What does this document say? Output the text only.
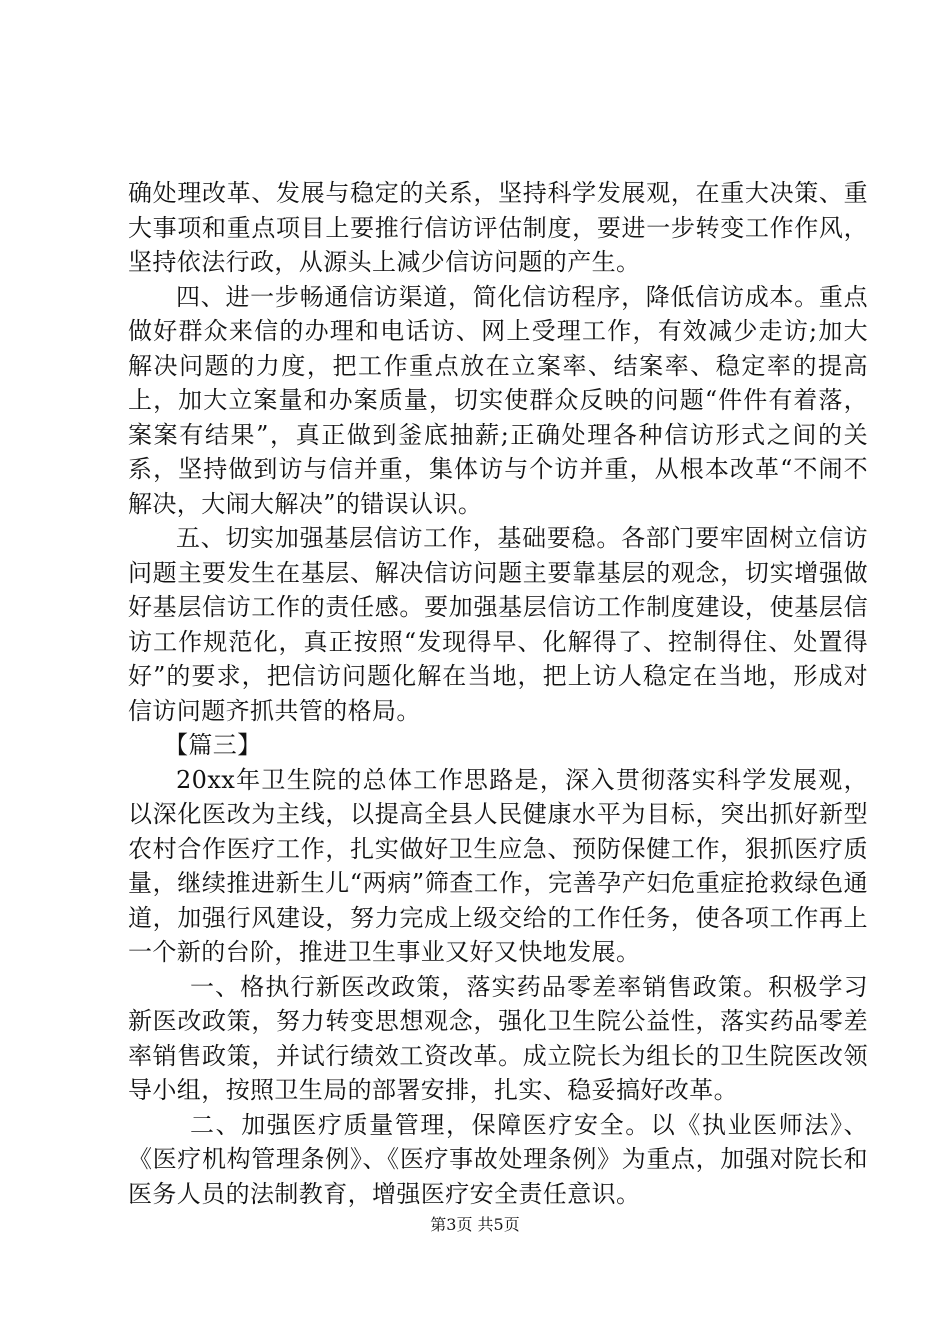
确处理改革、发展与稳定的关系，坚持科学发展观，在重大决策、重大事项和重点项目上要推行信访评估制度，要进一步转变工作作风，坚持依法行政，从源头上减少信访问题的产生。

四、进一步畅通信访渠道，简化信访程序，降低信访成本。重点做好群众来信的办理和电话访、网上受理工作，有效减少走访;加大解决问题的力度，把工作重点放在立案率、结案率、稳定率的提高上，加大立案量和办案质量，切实使群众反映的问题“件件有着落，案案有结果”，真正做到釜底抽薪;正确处理各种信访形式之间的关系，坚持做到访与信并重，集体访与个访并重，从根本改革“不闹不解决，大闹大解决”的错误认识。

五、切实加强基层信访工作，基础要稳。各部门要牢固树立信访问题主要发生在基层、解决信访问题主要靠基层的观念，切实增强做好基层信访工作的责任感。要加强基层信访工作制度建设，使基层信访工作规范化，真正按照“发现得早、化解得了、控制得住、处置得好”的要求，把信访问题化解在当地，把上访人稳定在当地，形成对信访问题齐抓共管的格局。

【篇三】

20xx年卫生院的总体工作思路是，深入贯彻落实科学发展观，以深化医改为主线，以提高全县人民健康水平为目标，突出抓好新型农村合作医疗工作，扎实做好卫生应急、预防保健工作，狠抓医疗质量，继续推进新生儿“两病”筛查工作，完善孕产妇危重症抢救绿色通道，加强行风建设，努力完成上级交给的工作任务，使各项工作再上一个新的台阶，推进卫生事业又好又快地发展。

一、格执行新医改政策，落实药品零差率销售政策。积极学习新医改政策，努力转变思想观念，强化卫生院公益性，落实药品零差率销售政策，并试行绩效工资改革。成立院长为组长的卫生院医改领导小组，按照卫生局的部署安排，扎实、稳妥搞好改革。

二、加强医疗质量管理，保障医疗安全。以《执业医师法》、《医疗机构管理条例》、《医疗事故处理条例》为重点，加强对院长和医务人员的法制教育，增强医疗安全责任意识。

第3页 共5页
